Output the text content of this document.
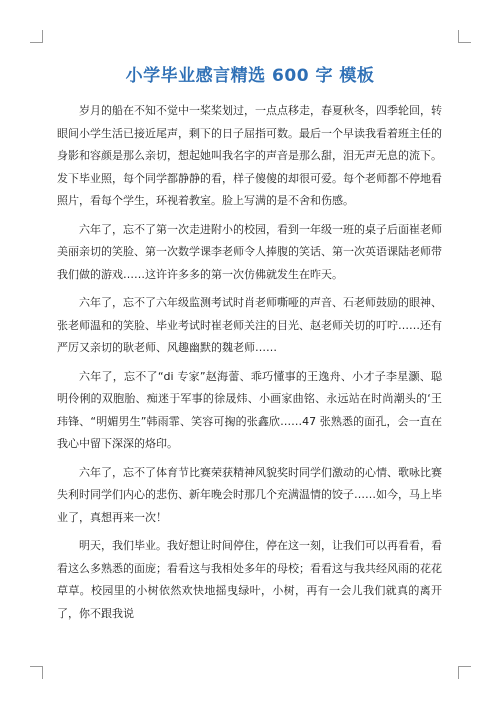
小学毕业感言精选 600 字 模板

岁月的船在不知不觉中一桨桨划过，一点点移走，春夏秋冬，四季轮回，转眼间小学生活已接近尾声，剩下的日子屈指可数。最后一个早读我看着班主任的身影和容颜是那么亲切，想起她叫我名字的声音是那么甜，泪无声无息的流下。发下毕业照，每个同学都静静的看，样子傻傻的却很可爱。每个老师都不停地看照片，看每个学生，环视着教室。脸上写满的是不舍和伤感。

六年了，忘不了第一次走进附小的校园，看到一年级一班的桌子后面崔老师美丽亲切的笑脸、第一次数学课李老师令人捧腹的笑话、第一次英语课陆老师带我们做的游戏……这许许多多的第一次仿佛就发生在昨天。

六年了，忘不了六年级监测考试时肖老师嘶哑的声音、石老师鼓励的眼神、张老师温和的笑脸、毕业考试时崔老师关注的目光、赵老师关切的叮咛……还有严厉又亲切的耿老师、风趣幽默的魏老师……

六年了，忘不了“di 专家”赵海蕾、乖巧懂事的王逸舟、小才子李星灏、聪明伶俐的双胞胎、痴迷于军事的徐晟炜、小画家曲铭、永远站在时尚潮头的‘王玮锋、“明媚男生”韩雨霏、笑容可掬的张鑫欣……47 张熟悉的面孔，会一直在我心中留下深深的烙印。

六年了，忘不了体育节比赛荣获精神风貌奖时同学们激动的心情、歌咏比赛失利时同学们内心的悲伤、新年晚会时那几个充满温情的饺子……如今，马上毕业了，真想再来一次！

明天，我们毕业。我好想让时间停住，停在这一刻，让我们可以再看看，看看这么多熟悉的面庞；看看这与我相处多年的母校；看看这与我共经风雨的花花草草。校园里的小树依然欢快地摇曳绿叶，小树，再有一会儿我们就真的离开了，你不跟我说
